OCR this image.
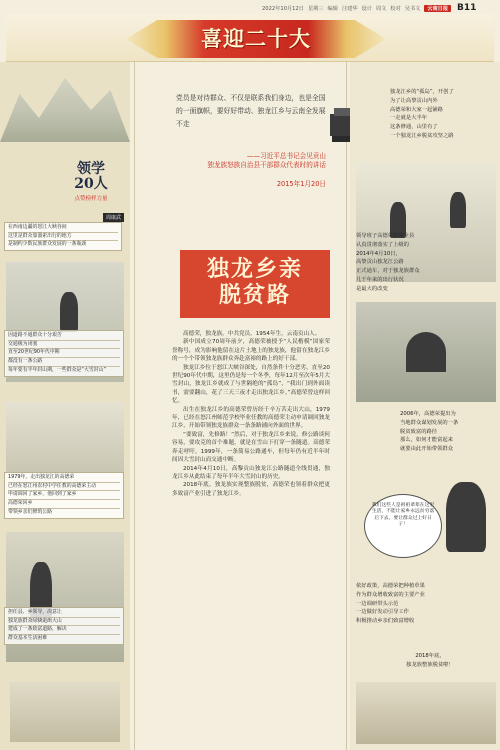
2022年10月12日 星期三 编辑 汪建华 设计 周文 校对 吴书文	云南日报	B11
喜迎二十大
领学
20人
点赞榜样力量
周康武
在西南边疆的怒江大峡谷间
这里是群众靠溜索出行的地方
是制约少数民族群众发展的一条瓶颈
因道路不通群众十分艰苦
交通极为闭塞
直至20世纪90年代中期
都没有一条公路
每年要有半年封山期，一些群众是“大雪封山”
1979年，走出独龙江的高德荣
已经在怒江州农村中学任教的高德荣主动
申请调回了家乡，他回到了家乡
高德荣回乡
带领乡亲们修筑公路
担任县、乡领导，决意让
独龙族群众尽快走出大山
建成了一条致富道路，解决
群众基本生活困难
党员是对待群众、不仅是联系我们身边，也是全国的一面旗帜，要好好带动、独龙江乡与云南全发展不走
——习近平总书记会见贡山
独龙族怒族自治县干部群众代表时的讲话
2015年1月20日
独龙乡亲
脱贫路

高德荣，独龙族，中共党员，1954年生，云南贡山人。

新中国成立70周年前夕，高德荣被授予“人民楷模”国家荣誉称号，成为影响他留在这片土地上的独龙族，他留在独龙江乡的一个个带领独龙族群众奔赴富裕的路上的好干部。

独龙江乡位于怒江大峡谷深处，自然条件十分恶劣，直至20世纪90年代中期，这里仍是每一个冬季，每年12月至次年5月大雪封山，独龙江乡就成了与世隔绝的“孤岛”，“我出门到外面读书，需要翻山，花了三天三夜才走出独龙江乡。”高德荣曾这样回忆。

出生在独龙江乡的高德荣曾历经千辛万苦走出大山，1979年，已经在怒江州师范学校毕业任教的高德荣主动申请调回独龙江乡，开始带领独龙族群众一条条路铺向外面的世界。

“要致富，先修路！”然后，对于独龙江乡来说，修公路谈何容易，要攻克的首个难题，就是在雪山下打穿一条隧道。高德荣奔走呼吁，1999年，一条简易公路通车，但每年仍有近半年时间因大雪封山而交通中断。

2014年4月10日，高黎贡山独龙江公路隧道全线贯通，独龙江乡从此结束了每年半年大雪封山的历史。

2018年底，独龙族实现整族脱贫，高德荣也领着群众把更多致富产业引进了独龙江乡。

独龙江乡的“孤岛”，开创了
为了让高黎贡山内外
高德荣和大家一起铺路
一走就是大半年
这条修通，山里有了
一个独龙江乡脱贫攻坚之路
领导班子高德荣带领全县
认真贯彻落实了上级的
2014年4月10日，
高黎贡山独龙江公路
正式通车，对于独龙族群众
几千年来的出行状况
是最大的改变
2006年，高德荣提出为
当地群众谋划发展的一条
脱贫致富的路径
那么，如何才能富起来
就要由此开始带领群众
我们这些人是祖祖辈辈在这里生活，不能让家乡永远贫穷落后下去，要让群众过上好日子！
依好政策，高德荣把种植草果
作为群众增收致富的主要产业
一边调研带头示范
一边做好发动引导工作
积极推动乡亲们致富增收
2018年底，
独龙族整族脱贫啦！
